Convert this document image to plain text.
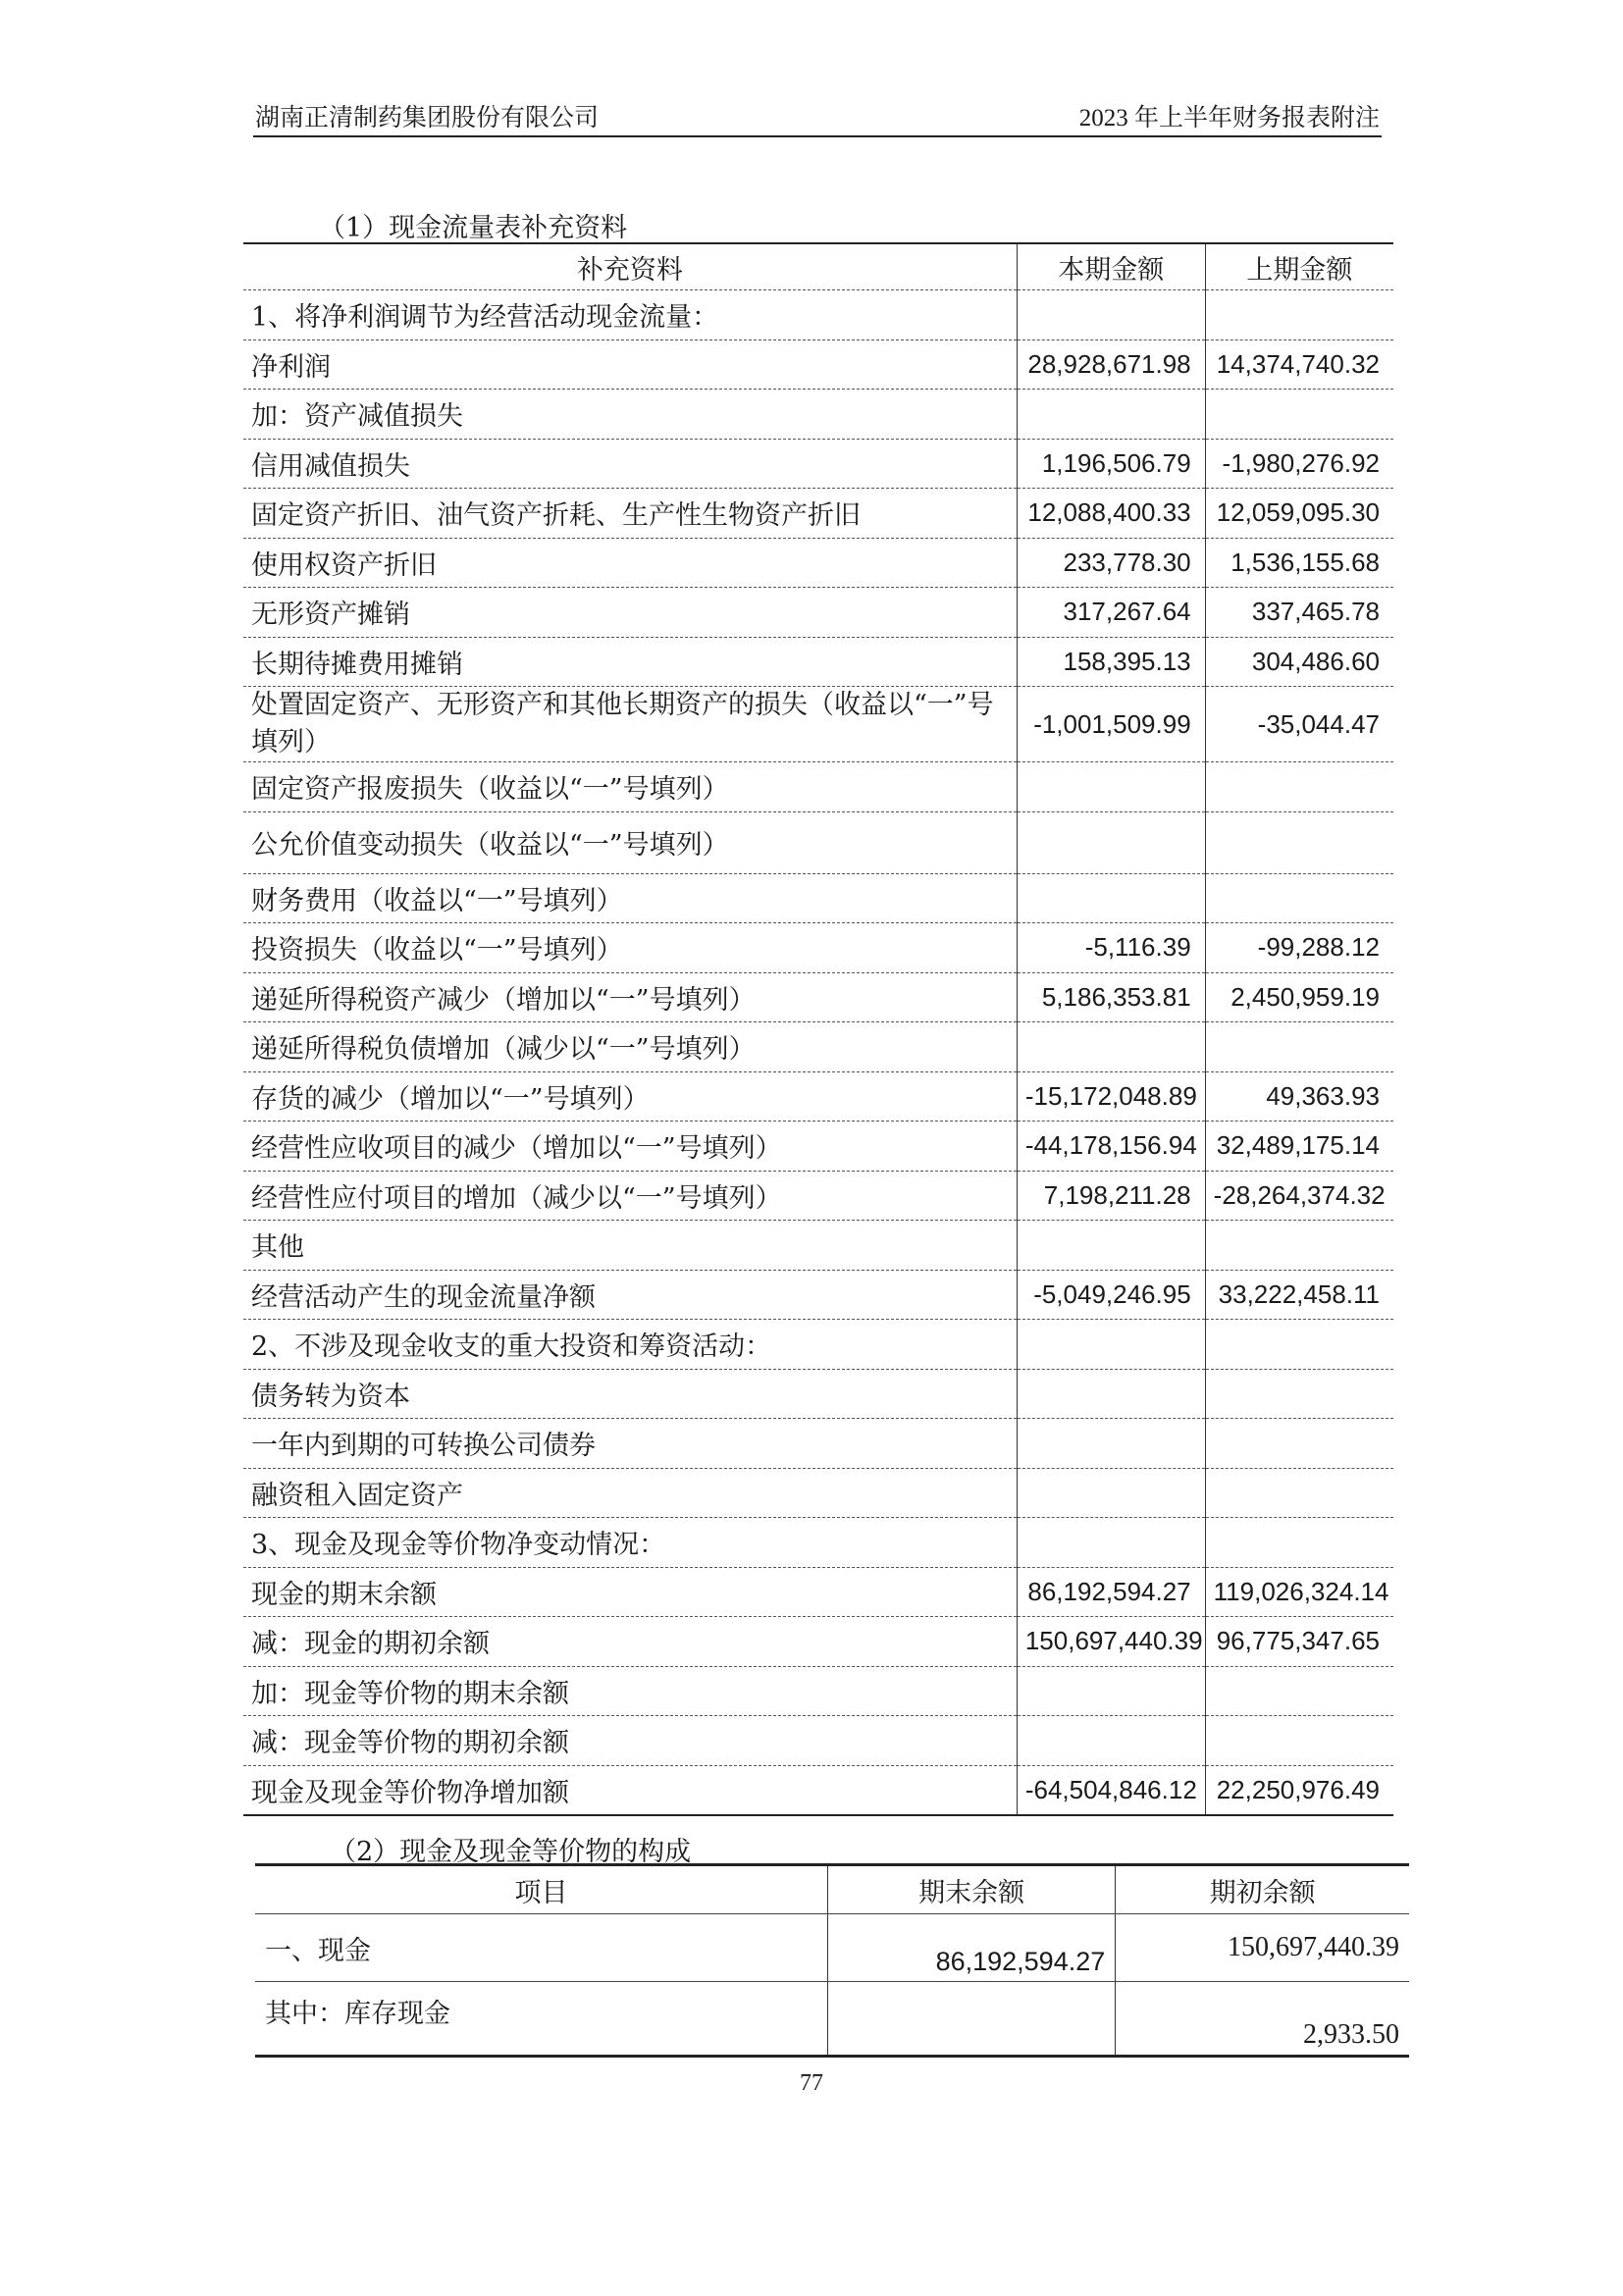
湖南正清制药集团股份有限公司	2023 年上半年财务报表附注
（1）现金流量表补充资料
补充资料	本期金额	上期金额
1、将净利润调节为经营活动现金流量：		
净利润	28,928,671.98	14,374,740.32
加：资产减值损失		
信用减值损失	1,196,506.79	-1,980,276.92
固定资产折旧、油气资产折耗、生产性生物资产折旧	12,088,400.33	12,059,095.30
使用权资产折旧	233,778.30	1,536,155.68
无形资产摊销	317,267.64	337,465.78
长期待摊费用摊销	158,395.13	304,486.60
处置固定资产、无形资产和其他长期资产的损失（收益以“一”号填列）	-1,001,509.99	-35,044.47
固定资产报废损失（收益以“一”号填列）		
公允价值变动损失（收益以“一”号填列）		
财务费用（收益以“一”号填列）		
投资损失（收益以“一”号填列）	-5,116.39	-99,288.12
递延所得税资产减少（增加以“一”号填列）	5,186,353.81	2,450,959.19
递延所得税负债增加（减少以“一”号填列）		
存货的减少（增加以“一”号填列）	-15,172,048.89	49,363.93
经营性应收项目的减少（增加以“一”号填列）	-44,178,156.94	32,489,175.14
经营性应付项目的增加（减少以“一”号填列）	7,198,211.28	-28,264,374.32
其他		
经营活动产生的现金流量净额	-5,049,246.95	33,222,458.11
2、不涉及现金收支的重大投资和筹资活动：		
债务转为资本		
一年内到期的可转换公司债券		
融资租入固定资产		
3、现金及现金等价物净变动情况：		
现金的期末余额	86,192,594.27	119,026,324.14
减：现金的期初余额	150,697,440.39	96,775,347.65
加：现金等价物的期末余额		
减：现金等价物的期初余额		
现金及现金等价物净增加额	-64,504,846.12	22,250,976.49
（2）现金及现金等价物的构成
项目	期末余额	期初余额
一、现金	86,192,594.27	150,697,440.39
其中：库存现金		2,933.50
77
